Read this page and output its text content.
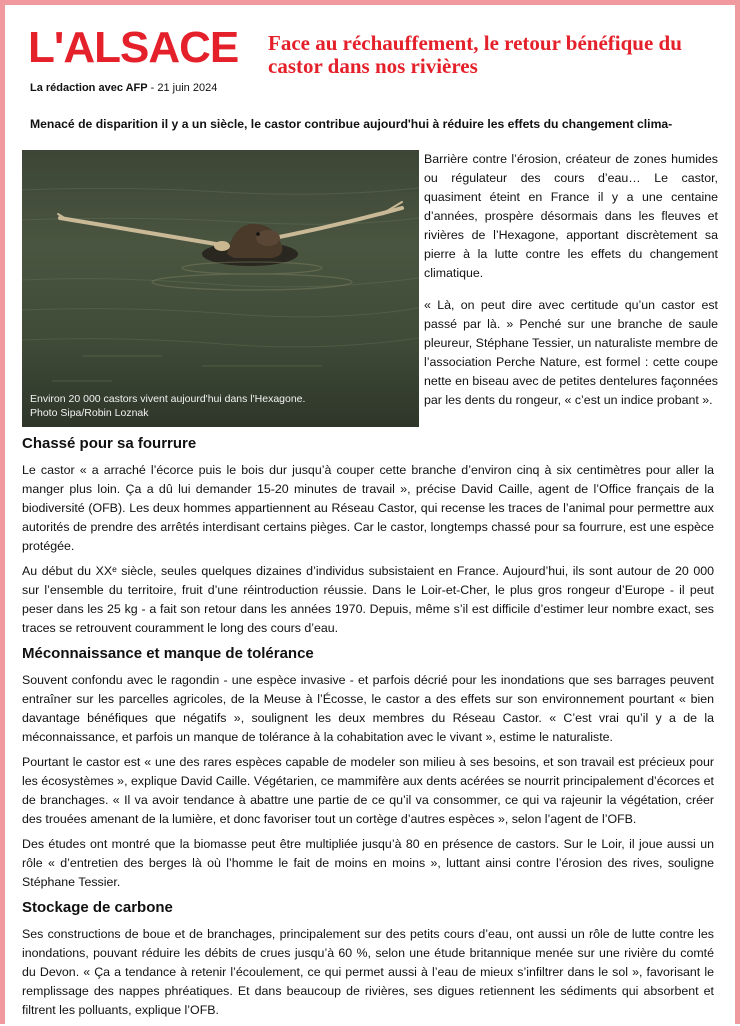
L'ALSACE
La rédaction avec AFP - 21 juin 2024
Face au réchauffement, le retour bénéfique du castor dans nos rivières
Menacé de disparition il y a un siècle, le castor contribue aujourd'hui à réduire les effets du changement clima-
Environ 20 000 castors vivent aujourd'hui dans l'Hexagone.
Photo Sipa/Robin Loznak

Barrière contre l’érosion, créateur de zones humides ou régulateur des cours d’eau… Le castor, quasiment éteint en France il y a une centaine d’années, prospère désormais dans les fleuves et rivières de l’Hexagone, apportant discrètement sa pierre à la lutte contre les effets du changement climatique.

« Là, on peut dire avec certitude qu’un castor est passé par là. » Penché sur une branche de saule pleureur, Stéphane Tessier, un naturaliste membre de l’association Perche Nature, est formel : cette coupe nette en biseau avec de petites dentelures façonnées par les dents du rongeur, « c’est un indice probant ».

Chassé pour sa fourrure

Le castor « a arraché l’écorce puis le bois dur jusqu’à couper cette branche d’environ cinq à six centimètres pour aller la manger plus loin. Ça a dû lui demander 15-20 minutes de travail », précise David Caille, agent de l’Office français de la biodiversité (OFB). Les deux hommes appartiennent au Réseau Castor, qui recense les traces de l’animal pour permettre aux autorités de prendre des arrêtés interdisant certains pièges. Car le castor, longtemps chassé pour sa fourrure, est une espèce protégée.

Au début du XXᵉ siècle, seules quelques dizaines d’individus subsistaient en France. Aujourd’hui, ils sont autour de 20 000 sur l’ensemble du territoire, fruit d’une réintroduction réussie. Dans le Loir-et-Cher, le plus gros rongeur d’Europe - il peut peser dans les 25 kg - a fait son retour dans les années 1970. Depuis, même s’il est difficile d’estimer leur nombre exact, ses traces se retrouvent couramment le long des cours d’eau.

Méconnaissance et manque de tolérance

Souvent confondu avec le ragondin - une espèce invasive - et parfois décrié pour les inondations que ses barrages peuvent entraîner sur les parcelles agricoles, de la Meuse à l’Écosse, le castor a des effets sur son environnement pourtant « bien davantage bénéfiques que négatifs », soulignent les deux membres du Réseau Castor. « C’est vrai qu’il y a de la méconnaissance, et parfois un manque de tolérance à la cohabitation avec le vivant », estime le naturaliste.

Pourtant le castor est « une des rares espèces capable de modeler son milieu à ses besoins, et son travail est précieux pour les écosystèmes », explique David Caille. Végétarien, ce mammifère aux dents acérées se nourrit principalement d’écorces et de branchages. « Il va avoir tendance à abattre une partie de ce qu’il va consommer, ce qui va rajeunir la végétation, créer des trouées amenant de la lumière, et donc favoriser tout un cortège d’autres espèces », selon l’agent de l’OFB.

Des études ont montré que la biomasse peut être multipliée jusqu’à 80 en présence de castors. Sur le Loir, il joue aussi un rôle « d’entretien des berges là où l’homme le fait de moins en moins », luttant ainsi contre l’érosion des rives, souligne Stéphane Tessier.

Stockage de carbone

Ses constructions de boue et de branchages, principalement sur des petits cours d’eau, ont aussi un rôle de lutte contre les inondations, pouvant réduire les débits de crues jusqu’à 60 %, selon une étude britannique menée sur une rivière du comté du Devon. « Ça a tendance à retenir l’écoulement, ce qui permet aussi à l’eau de mieux s’infiltrer dans le sol », favorisant le remplissage des nappes phréatiques. Et dans beaucoup de rivières, ses digues retiennent les sédiments qui absorbent et filtrent les polluants, explique l’OFB.
